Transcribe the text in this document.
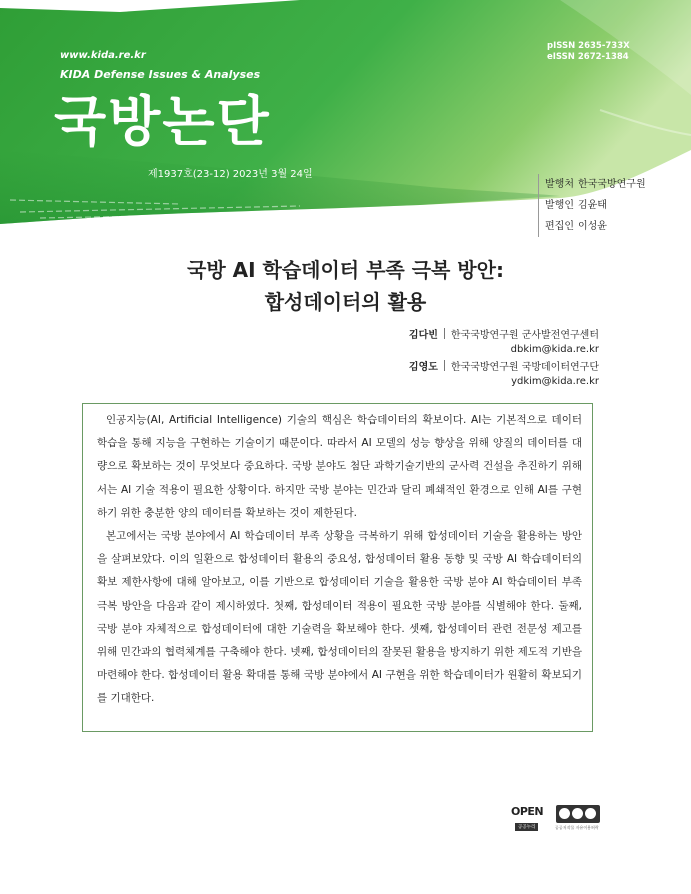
www.kida.re.kr
KIDA Defense Issues & Analyses
국방논단
제1937호(23-12) 2023년 3월 24일
pISSN 2635-733X
eISSN 2672-1384
발행처 한국국방연구원
발행인 김윤태
편집인 이성윤
국방 AI 학습데이터 부족 극복 방안:
합성데이터의 활용
김다빈 한국국방연구원 군사발전연구센터
dbkim@kida.re.kr
김영도 한국국방연구원 국방데이터연구단
ydkim@kida.re.kr

인공지능(AI, Artificial Intelligence) 기술의 핵심은 학습데이터의 확보이다. AI는 기본적으로 데이터 학습을 통해 지능을 구현하는 기술이기 때문이다. 따라서 AI 모델의 성능 향상을 위해 양질의 데이터를 대량으로 확보하는 것이 무엇보다 중요하다. 국방 분야도 첨단 과학기술기반의 군사력 건설을 추진하기 위해서는 AI 기술 적용이 필요한 상황이다. 하지만 국방 분야는 민간과 달리 폐쇄적인 환경으로 인해 AI를 구현하기 위한 충분한 양의 데이터를 확보하는 것이 제한된다.

본고에서는 국방 분야에서 AI 학습데이터 부족 상황을 극복하기 위해 합성데이터 기술을 활용하는 방안을 살펴보았다. 이의 일환으로 합성데이터 활용의 중요성, 합성데이터 활용 동향 및 국방 AI 학습데이터의 확보 제한사항에 대해 알아보고, 이를 기반으로 합성데이터 기술을 활용한 국방 분야 AI 학습데이터 부족 극복 방안을 다음과 같이 제시하였다. 첫째, 합성데이터 적용이 필요한 국방 분야를 식별해야 한다. 둘째, 국방 분야 자체적으로 합성데이터에 대한 기술력을 확보해야 한다. 셋째, 합성데이터 관련 전문성 제고를 위해 민간과의 협력체계를 구축해야 한다. 넷째, 합성데이터의 잘못된 활용을 방지하기 위한 제도적 기반을 마련해야 한다. 합성데이터 활용 확대를 통해 국방 분야에서 AI 구현을 위한 학습데이터가 원활히 확보되기를 기대한다.

OPEN
공공누리	공공저작물 자유이용허락
